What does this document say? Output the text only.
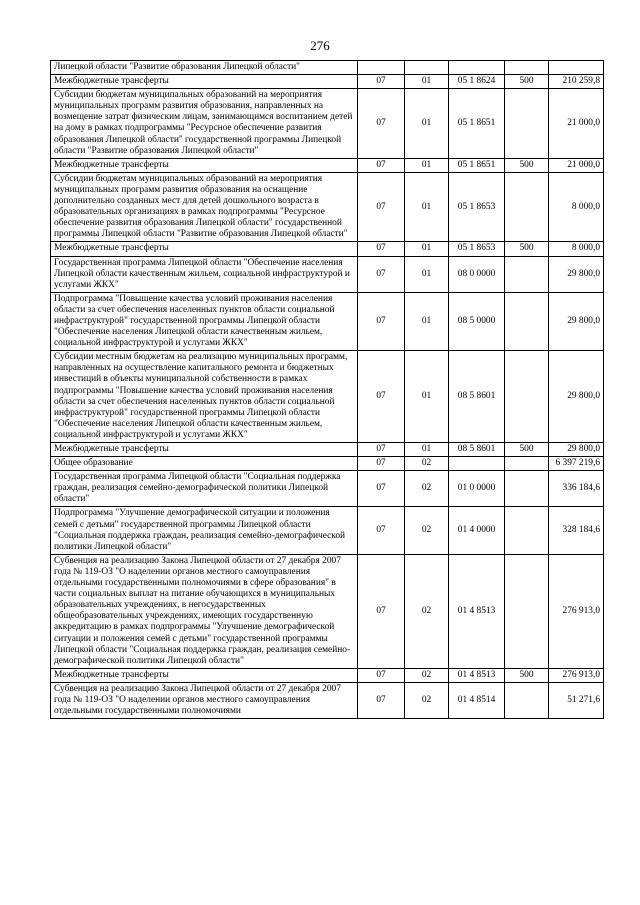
276
Липецкой области "Развитие образования Липецкой области"					
Межбюджетные трансферты	07	01	05 1 8624	500	210 259,8
Субсидии бюджетам муниципальных образований на мероприятия муниципальных программ развития образования, направленных на возмещение затрат физическим лицам, занимающимся воспитанием детей на дому в рамках подпрограммы "Ресурсное обеспечение развития образования Липецкой области" государственной программы Липецкой области "Развитие образования Липецкой области"	07	01	05 1 8651		21 000,0
Межбюджетные трансферты	07	01	05 1 8651	500	21 000,0
Субсидии бюджетам муниципальных образований на мероприятия муниципальных программ развития образования на оснащение дополнительно созданных мест для детей дошкольного возраста в образовательных организациях в рамках подпрограммы "Ресурсное обеспечение развития образования Липецкой области" государственной программы Липецкой области "Развитие образования Липецкой области"	07	01	05 1 8653		8 000,0
Межбюджетные трансферты	07	01	05 1 8653	500	8 000,0
Государственная программа Липецкой области "Обеспечение населения Липецкой области качественным жильем, социальной инфраструктурой и услугами ЖКХ"	07	01	08 0 0000		29 800,0
Подпрограмма "Повышение качества условий проживания населения области за счет обеспечения населенных пунктов области социальной инфраструктурой" государственной программы Липецкой области "Обеспечение населения Липецкой области качественным жильем, социальной инфраструктурой и услугами ЖКХ"	07	01	08 5 0000		29 800,0
Субсидии местным бюджетам на реализацию муниципальных программ, направленных на осуществление капитального ремонта и бюджетных инвестиций в объекты муниципальной собственности в рамках подпрограммы "Повышение качества условий проживания населения области за счет обеспечения населенных пунктов области социальной инфраструктурой" государственной программы Липецкой области "Обеспечение населения Липецкой области качественным жильем, социальной инфраструктурой и услугами ЖКХ"	07	01	08 5 8601		29 800,0
Межбюджетные трансферты	07	01	08 5 8601	500	29 800,0
Общее образование	07	02			6 397 219,6
Государственная программа Липецкой области "Социальная поддержка граждан, реализация семейно-демографической политики Липецкой области"	07	02	01 0 0000		336 184,6
Подпрограмма "Улучшение демографической ситуации и положения семей с детьми" государственной программы Липецкой области "Социальная поддержка граждан, реализация семейно-демографической политики Липецкой области"	07	02	01 4 0000		328 184,6
Субвенция на реализацию Закона Липецкой области от 27 декабря 2007 года № 119-ОЗ "О наделении органов местного самоуправления отдельными государственными полномочиями в сфере образования" в части социальных выплат на питание обучающихся в муниципальных образовательных учреждениях, в негосударственных общеобразовательных учреждениях, имеющих государственную аккредитацию в рамках подпрограммы "Улучшение демографической ситуации и положения семей с детьми" государственной программы Липецкой области "Социальная поддержка граждан, реализация семейно-демографической политики Липецкой области"	07	02	01 4 8513		276 913,0
Межбюджетные трансферты	07	02	01 4 8513	500	276 913,0
Субвенция на реализацию Закона Липецкой области от 27 декабря 2007 года № 119-ОЗ "О наделении органов местного самоуправления отдельными государственными полномочиями	07	02	01 4 8514		51 271,6
